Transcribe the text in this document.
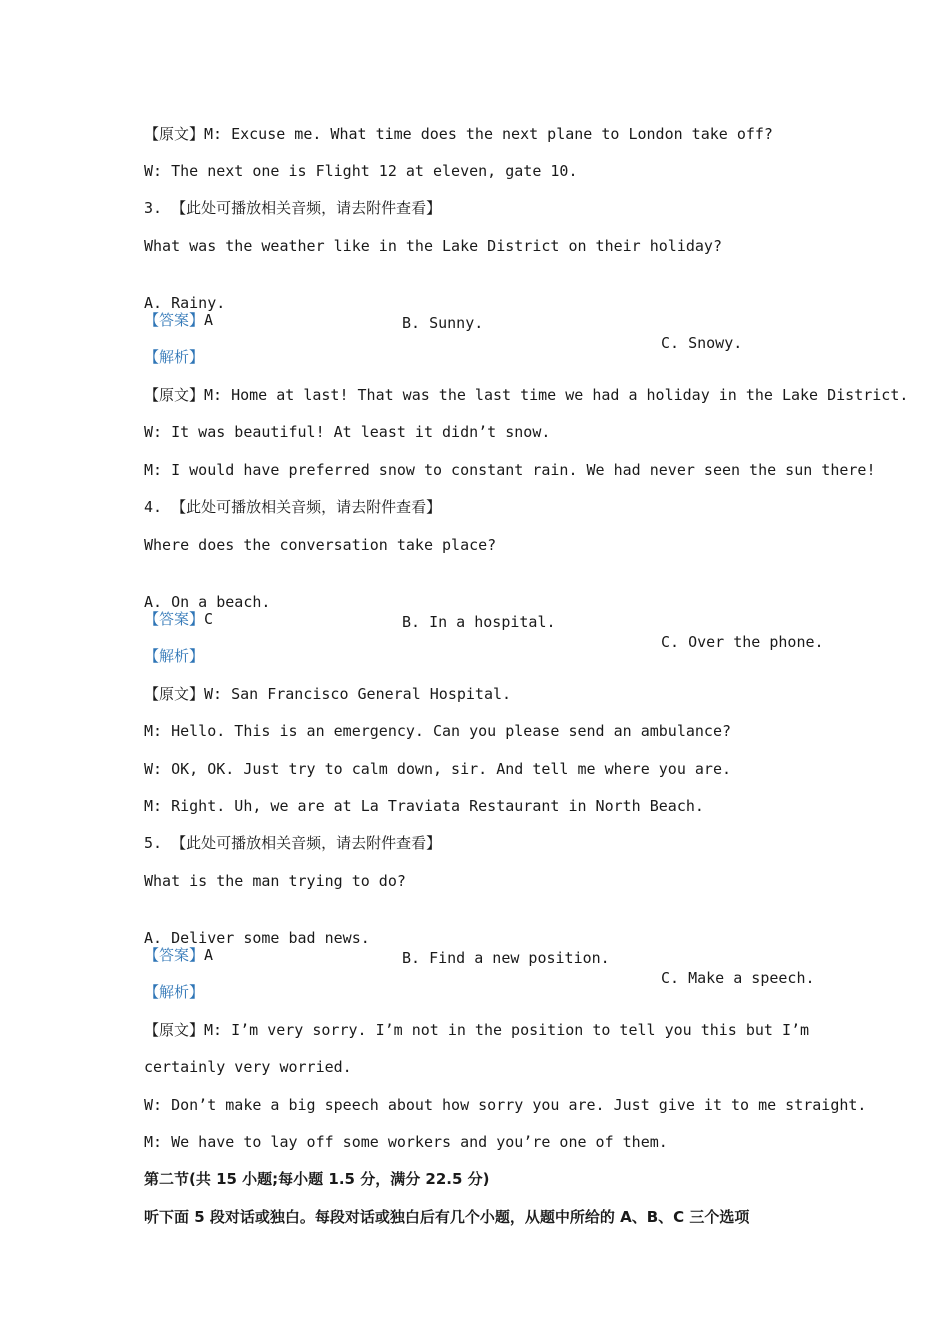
【原文】M: Excuse me. What time does the next plane to London take off?
W: The next one is Flight 12 at eleven, gate 10.
3. 【此处可播放相关音频，请去附件查看】
What was the weather like in the Lake District on their holiday?

A. Rainy.

B. Sunny.

C. Snowy.

【答案】A
【解析】
【原文】M: Home at last! That was the last time we had a holiday in the Lake District.
W: It was beautiful! At least it didn’t snow.
M: I would have preferred snow to constant rain. We had never seen the sun there!
4. 【此处可播放相关音频，请去附件查看】
Where does the conversation take place?

A. On a beach.

B. In a hospital.

C. Over the phone.

【答案】C
【解析】
【原文】W: San Francisco General Hospital.
M: Hello. This is an emergency. Can you please send an ambulance?
W: OK, OK. Just try to calm down, sir. And tell me where you are.
M: Right. Uh, we are at La Traviata Restaurant in North Beach.
5. 【此处可播放相关音频，请去附件查看】
What is the man trying to do?

A. Deliver some bad news.

B. Find a new position.

C. Make a speech.

【答案】A
【解析】
【原文】M: I’m very sorry. I’m not in the position to tell you this but I’m
certainly very worried.
W: Don’t make a big speech about how sorry you are. Just give it to me straight.
M: We have to lay off some workers and you’re one of them.
第二节(共 15 小题;每小题 1.5 分，满分 22.5 分)
听下面 5 段对话或独白。每段对话或独白后有几个小题，从题中所给的 A、B、C 三个选项
